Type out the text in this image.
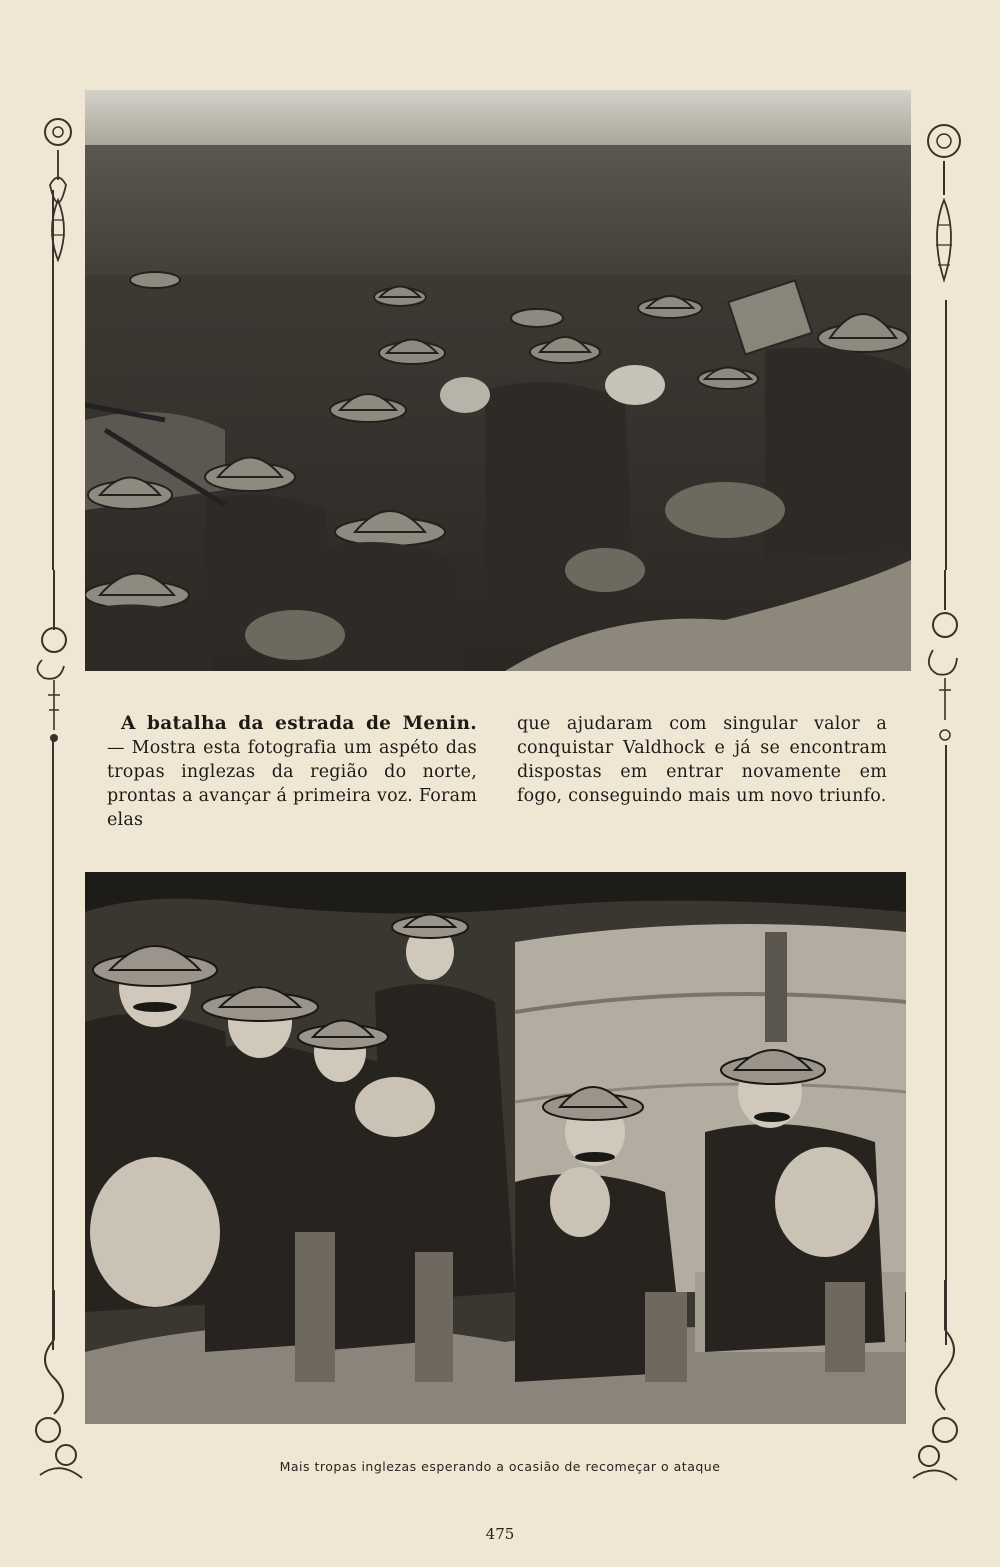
A batalha da estrada de Menin. — Mostra esta fotografia um aspéto das tropas inglezas da região do norte, prontas a avançar á primeira voz. Foram elas

que ajudaram com singular valor a conquistar Valdhock e já se encontram dispostas em entrar novamente em fogo, conseguindo mais um novo triunfo.

Mais tropas inglezas esperando a ocasião de recomeçar o ataque
475
